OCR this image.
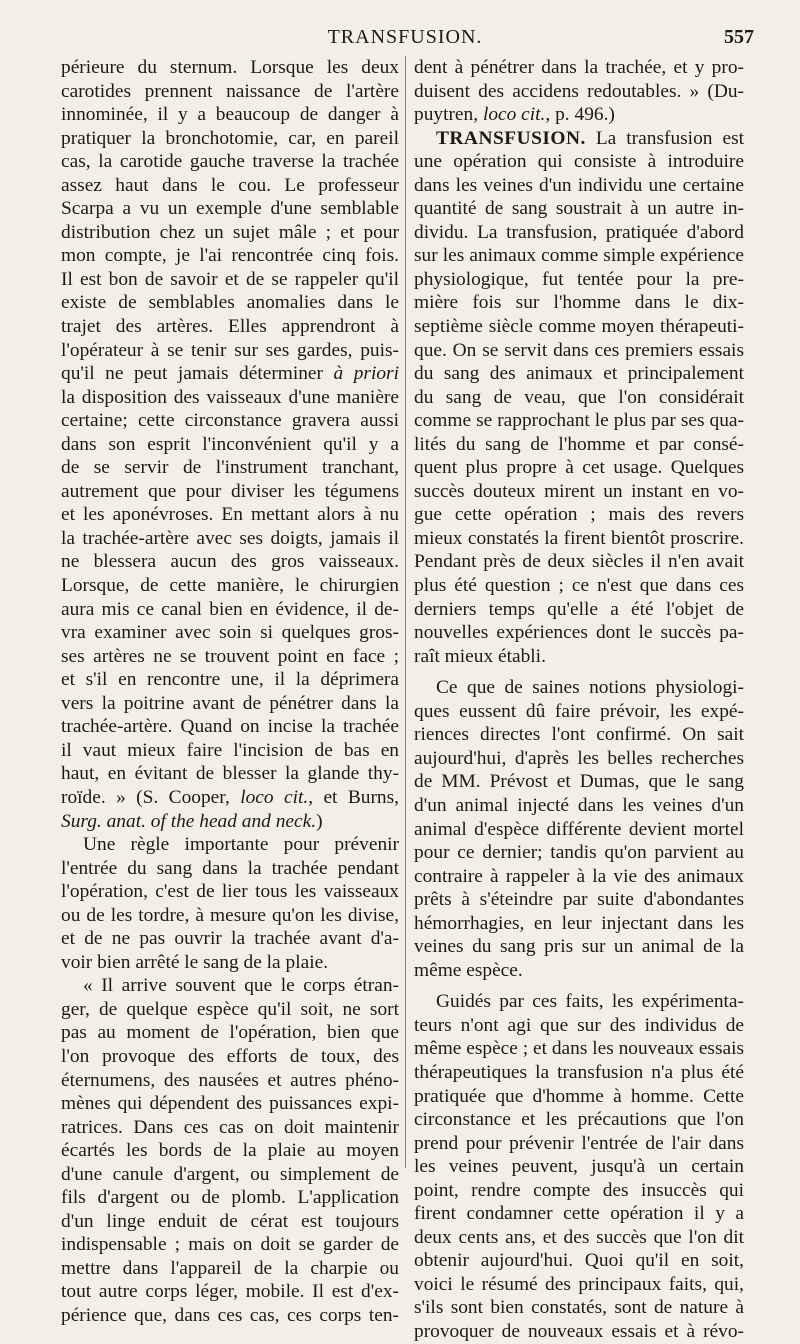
TRANSFUSION.	557
périeure du sternum. Lorsque les deux
carotides prennent naissance de l'artère
innominée, il y a beaucoup de danger à
pratiquer la bronchotomie, car, en pareil
cas, la carotide gauche traverse la trachée
assez haut dans le cou. Le professeur
Scarpa a vu un exemple d'une semblable
distribution chez un sujet mâle ; et pour
mon compte, je l'ai rencontrée cinq fois.
Il est bon de savoir et de se rappeler qu'il
existe de semblables anomalies dans le
trajet des artères. Elles apprendront à
l'opérateur à se tenir sur ses gardes, puis-
qu'il ne peut jamais déterminer à priori
la disposition des vaisseaux d'une manière
certaine; cette circonstance gravera aussi
dans son esprit l'inconvénient qu'il y a
de se servir de l'instrument tranchant,
autrement que pour diviser les tégumens
et les aponévroses. En mettant alors à nu
la trachée-artère avec ses doigts, jamais il
ne blessera aucun des gros vaisseaux.
Lorsque, de cette manière, le chirurgien
aura mis ce canal bien en évidence, il de-
vra examiner avec soin si quelques gros-
ses artères ne se trouvent point en face ;
et s'il en rencontre une, il la déprimera
vers la poitrine avant de pénétrer dans la
trachée-artère. Quand on incise la trachée
il vaut mieux faire l'incision de bas en
haut, en évitant de blesser la glande thy-
roïde. » (S. Cooper, loco cit., et Burns,
Surg. anat. of the head and neck.)
Une règle importante pour prévenir
l'entrée du sang dans la trachée pendant
l'opération, c'est de lier tous les vaisseaux
ou de les tordre, à mesure qu'on les divise,
et de ne pas ouvrir la trachée avant d'a-
voir bien arrêté le sang de la plaie.
« Il arrive souvent que le corps étran-
ger, de quelque espèce qu'il soit, ne sort
pas au moment de l'opération, bien que
l'on provoque des efforts de toux, des
éternumens, des nausées et autres phéno-
mènes qui dépendent des puissances expi-
ratrices. Dans ces cas on doit maintenir
écartés les bords de la plaie au moyen
d'une canule d'argent, ou simplement de
fils d'argent ou de plomb. L'application
d'un linge enduit de cérat est toujours
indispensable ; mais on doit se garder de
mettre dans l'appareil de la charpie ou
tout autre corps léger, mobile. Il est d'ex-
périence que, dans ces cas, ces corps ten-
dent à pénétrer dans la trachée, et y pro-
duisent des accidens redoutables. » (Du-
puytren, loco cit., p. 496.)
TRANSFUSION. La transfusion est
une opération qui consiste à introduire
dans les veines d'un individu une certaine
quantité de sang soustrait à un autre in-
dividu. La transfusion, pratiquée d'abord
sur les animaux comme simple expérience
physiologique, fut tentée pour la pre-
mière fois sur l'homme dans le dix-
septième siècle comme moyen thérapeuti-
que. On se servit dans ces premiers essais
du sang des animaux et principalement
du sang de veau, que l'on considérait
comme se rapprochant le plus par ses qua-
lités du sang de l'homme et par consé-
quent plus propre à cet usage. Quelques
succès douteux mirent un instant en vo-
gue cette opération ; mais des revers
mieux constatés la firent bientôt proscrire.
Pendant près de deux siècles il n'en avait
plus été question ; ce n'est que dans ces
derniers temps qu'elle a été l'objet de
nouvelles expériences dont le succès pa-
raît mieux établi.
Ce que de saines notions physiologi-
ques eussent dû faire prévoir, les expé-
riences directes l'ont confirmé. On sait
aujourd'hui, d'après les belles recherches
de MM. Prévost et Dumas, que le sang
d'un animal injecté dans les veines d'un
animal d'espèce différente devient mortel
pour ce dernier; tandis qu'on parvient au
contraire à rappeler à la vie des animaux
prêts à s'éteindre par suite d'abondantes
hémorrhagies, en leur injectant dans les
veines du sang pris sur un animal de la
même espèce.
Guidés par ces faits, les expérimenta-
teurs n'ont agi que sur des individus de
même espèce ; et dans les nouveaux essais
thérapeutiques la transfusion n'a plus été
pratiquée que d'homme à homme. Cette
circonstance et les précautions que l'on
prend pour prévenir l'entrée de l'air dans
les veines peuvent, jusqu'à un certain
point, rendre compte des insuccès qui
firent condamner cette opération il y a
deux cents ans, et des succès que l'on dit
obtenir aujourd'hui. Quoi qu'il en soit,
voici le résumé des principaux faits, qui,
s'ils sont bien constatés, sont de nature à
provoquer de nouveaux essais et à révo-
